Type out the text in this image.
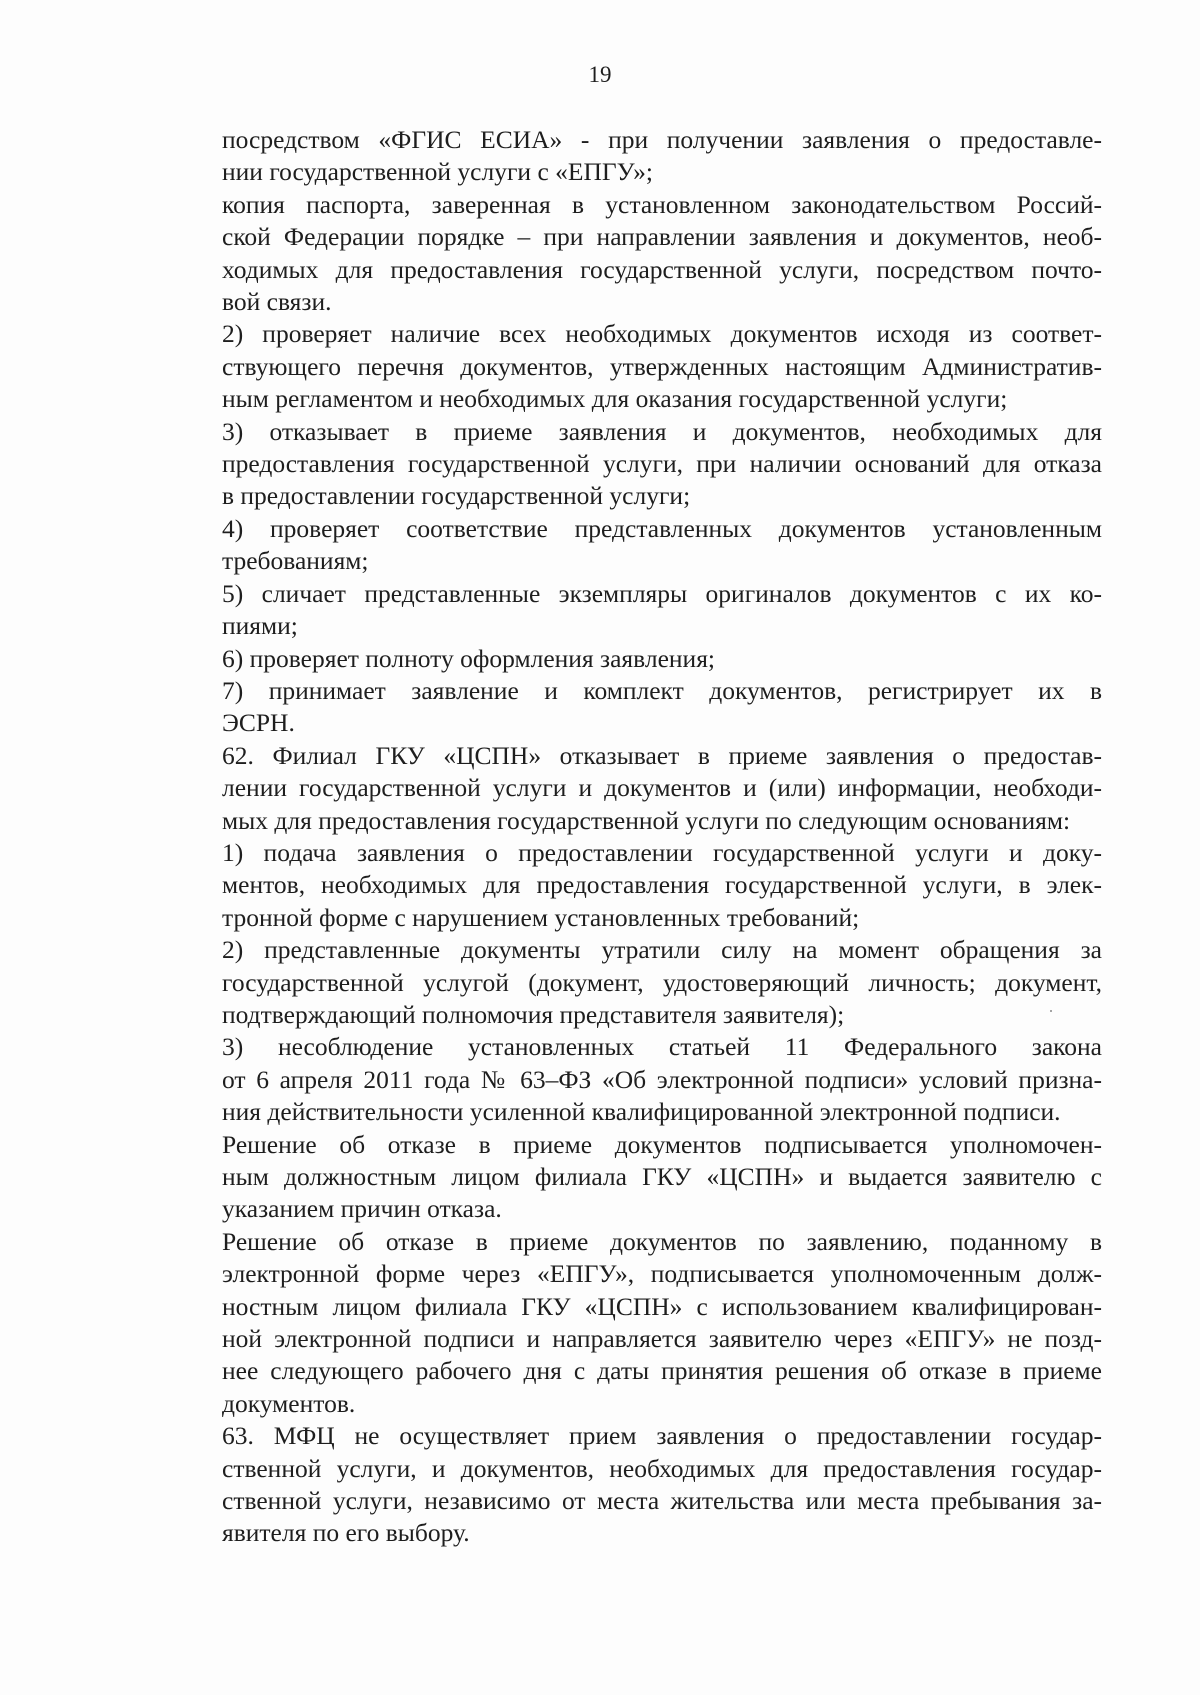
19
посредством «ФГИС ЕСИА» - при получении заявления о предоставле-
нии государственной услуги с «ЕПГУ»;
копия паспорта, заверенная в установленном законодательством Россий-
ской Федерации порядке – при направлении заявления и документов, необ-
ходимых для предоставления государственной услуги, посредством почто-
вой связи.
2) проверяет наличие всех необходимых документов исходя из соответ-
ствующего перечня документов, утвержденных настоящим Административ-
ным регламентом и необходимых для оказания государственной услуги;
3) отказывает в приеме заявления и документов, необходимых для
предоставления государственной услуги, при наличии оснований для отказа
в предоставлении государственной услуги;
4) проверяет соответствие представленных документов установленным
требованиям;
5) сличает представленные экземпляры оригиналов документов с их ко-
пиями;
6) проверяет полноту оформления заявления;
7) принимает заявление и комплект документов, регистрирует их в
ЭСРН.
62. Филиал ГКУ «ЦСПН» отказывает в приеме заявления о предостав-
лении государственной услуги и документов и (или) информации, необходи-
мых для предоставления государственной услуги по следующим основаниям:
1) подача заявления о предоставлении государственной услуги и доку-
ментов, необходимых для предоставления государственной услуги, в элек-
тронной форме с нарушением установленных требований;
2) представленные документы утратили силу на момент обращения за
государственной услугой (документ, удостоверяющий личность; документ,
подтверждающий полномочия представителя заявителя);
3) несоблюдение установленных статьей 11 Федерального закона
от 6 апреля 2011 года № 63–ФЗ «Об электронной подписи» условий призна-
ния действительности усиленной квалифицированной электронной подписи.
Решение об отказе в приеме документов подписывается уполномочен-
ным должностным лицом филиала ГКУ «ЦСПН» и выдается заявителю с
указанием причин отказа.
Решение об отказе в приеме документов по заявлению, поданному в
электронной форме через «ЕПГУ», подписывается уполномоченным долж-
ностным лицом филиала ГКУ «ЦСПН» с использованием квалифицирован-
ной электронной подписи и направляется заявителю через «ЕПГУ» не позд-
нее следующего рабочего дня с даты принятия решения об отказе в приеме
документов.
63. МФЦ не осуществляет прием заявления о предоставлении государ-
ственной услуги, и документов, необходимых для предоставления государ-
ственной услуги, независимо от места жительства или места пребывания за-
явителя по его выбору.
